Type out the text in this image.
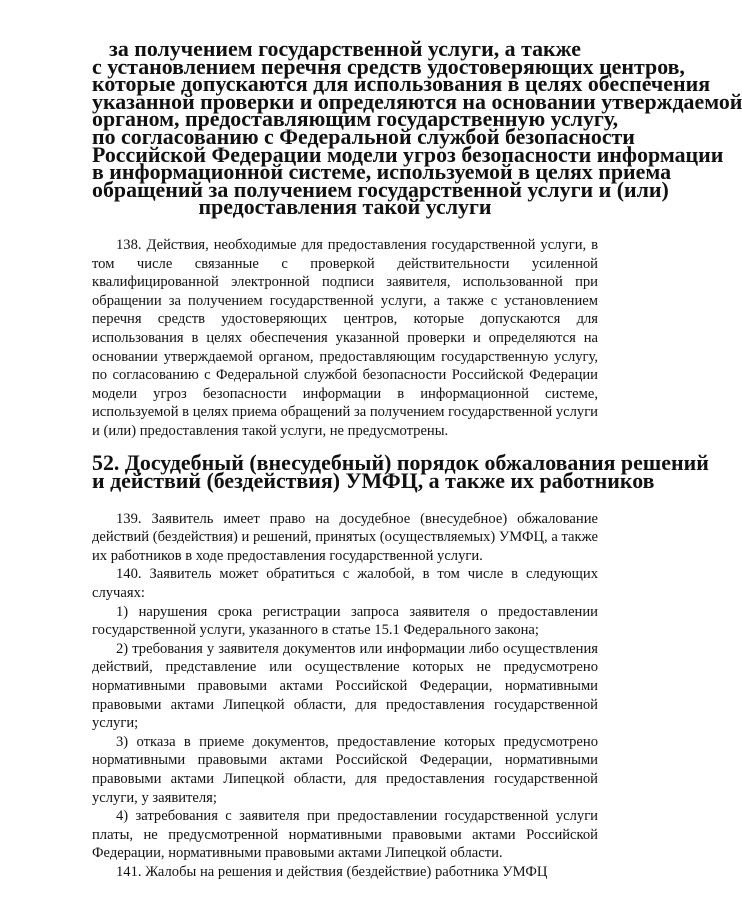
за получением государственной услуги, а также
с установлением перечня средств удостоверяющих центров,
которые допускаются для использования в целях обеспечения
указанной проверки и определяются на основании утверждаемой
органом, предоставляющим государственную услугу,
по согласованию с Федеральной службой безопасности
Российской Федерации модели угроз безопасности информации
в информационной системе, используемой в целях приема
обращений за получением государственной услуги и (или)
предоставления такой услуги

138. Действия, необходимые для предоставления государственной услуги, в том числе связанные с проверкой действительности усиленной квалифицированной электронной подписи заявителя, использованной при обращении за получением государственной услуги, а также с установлением перечня средств удостоверяющих центров, которые допускаются для использования в целях обеспечения указанной проверки и определяются на основании утверждаемой органом, предоставляющим государственную услугу, по согласованию с Федеральной службой безопасности Российской Федерации модели угроз безопасности информации в информационной системе, используемой в целях приема обращений за получением государственной услуги и (или) предоставления такой услуги, не предусмотрены.

52. Досудебный (внесудебный) порядок обжалования решений
и действий (бездействия) УМФЦ, а также их работников

139. Заявитель имеет право на досудебное (внесудебное) обжалование действий (бездействия) и решений, принятых (осуществляемых) УМФЦ, а также их работников в ходе предоставления государственной услуги.

140. Заявитель может обратиться с жалобой, в том числе в следующих случаях:

1) нарушения срока регистрации запроса заявителя о предоставлении государственной услуги, указанного в статье 15.1 Федерального закона;

2) требования у заявителя документов или информации либо осуществления действий, представление или осуществление которых не предусмотрено нормативными правовыми актами Российской Федерации, нормативными правовыми актами Липецкой области, для предоставления государственной услуги;

3) отказа в приеме документов, предоставление которых предусмотрено нормативными правовыми актами Российской Федерации, нормативными правовыми актами Липецкой области, для предоставления государственной услуги, у заявителя;

4) затребования с заявителя при предоставлении государственной услуги платы, не предусмотренной нормативными правовыми актами Российской Федерации, нормативными правовыми актами Липецкой области.

141. Жалобы на решения и действия (бездействие) работника УМФЦ
